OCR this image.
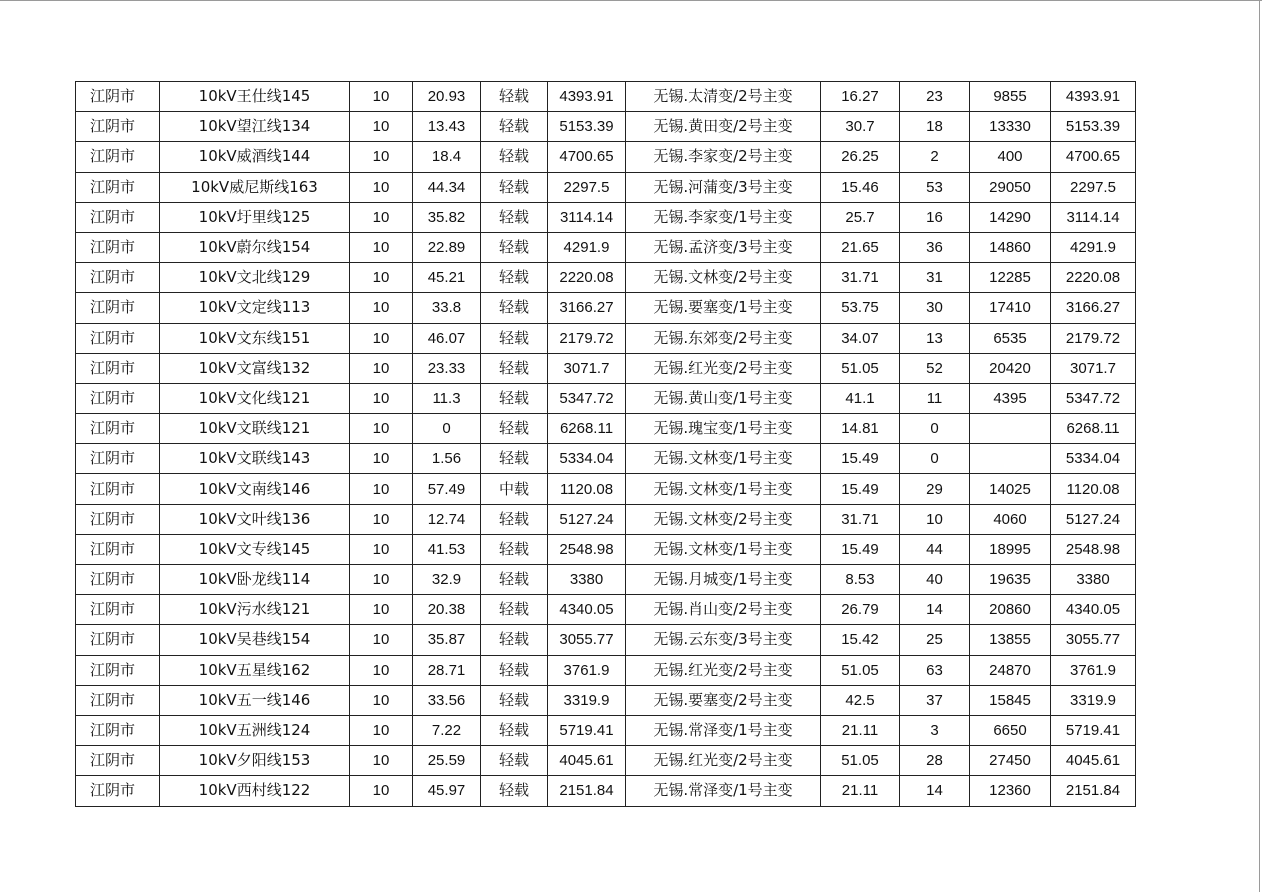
江阴市	10kV王仕线145	10	20.93	轻载	4393.91	无锡.太清变/2号主变	16.27	23	9855	4393.91
江阴市	10kV望江线134	10	13.43	轻载	5153.39	无锡.黄田变/2号主变	30.7	18	13330	5153.39
江阴市	10kV威酒线144	10	18.4	轻载	4700.65	无锡.李家变/2号主变	26.25	2	400	4700.65
江阴市	10kV威尼斯线163	10	44.34	轻载	2297.5	无锡.河蒲变/3号主变	15.46	53	29050	2297.5
江阴市	10kV圩里线125	10	35.82	轻载	3114.14	无锡.李家变/1号主变	25.7	16	14290	3114.14
江阴市	10kV蔚尔线154	10	22.89	轻载	4291.9	无锡.孟济变/3号主变	21.65	36	14860	4291.9
江阴市	10kV文北线129	10	45.21	轻载	2220.08	无锡.文林变/2号主变	31.71	31	12285	2220.08
江阴市	10kV文定线113	10	33.8	轻载	3166.27	无锡.要塞变/1号主变	53.75	30	17410	3166.27
江阴市	10kV文东线151	10	46.07	轻载	2179.72	无锡.东郊变/2号主变	34.07	13	6535	2179.72
江阴市	10kV文富线132	10	23.33	轻载	3071.7	无锡.红光变/2号主变	51.05	52	20420	3071.7
江阴市	10kV文化线121	10	11.3	轻载	5347.72	无锡.黄山变/1号主变	41.1	11	4395	5347.72
江阴市	10kV文联线121	10	0	轻载	6268.11	无锡.瑰宝变/1号主变	14.81	0		6268.11
江阴市	10kV文联线143	10	1.56	轻载	5334.04	无锡.文林变/1号主变	15.49	0		5334.04
江阴市	10kV文南线146	10	57.49	中载	1120.08	无锡.文林变/1号主变	15.49	29	14025	1120.08
江阴市	10kV文叶线136	10	12.74	轻载	5127.24	无锡.文林变/2号主变	31.71	10	4060	5127.24
江阴市	10kV文专线145	10	41.53	轻载	2548.98	无锡.文林变/1号主变	15.49	44	18995	2548.98
江阴市	10kV卧龙线114	10	32.9	轻载	3380	无锡.月城变/1号主变	8.53	40	19635	3380
江阴市	10kV污水线121	10	20.38	轻载	4340.05	无锡.肖山变/2号主变	26.79	14	20860	4340.05
江阴市	10kV吴巷线154	10	35.87	轻载	3055.77	无锡.云东变/3号主变	15.42	25	13855	3055.77
江阴市	10kV五星线162	10	28.71	轻载	3761.9	无锡.红光变/2号主变	51.05	63	24870	3761.9
江阴市	10kV五一线146	10	33.56	轻载	3319.9	无锡.要塞变/2号主变	42.5	37	15845	3319.9
江阴市	10kV五洲线124	10	7.22	轻载	5719.41	无锡.常泽变/1号主变	21.11	3	6650	5719.41
江阴市	10kV夕阳线153	10	25.59	轻载	4045.61	无锡.红光变/2号主变	51.05	28	27450	4045.61
江阴市	10kV西村线122	10	45.97	轻载	2151.84	无锡.常泽变/1号主变	21.11	14	12360	2151.84
